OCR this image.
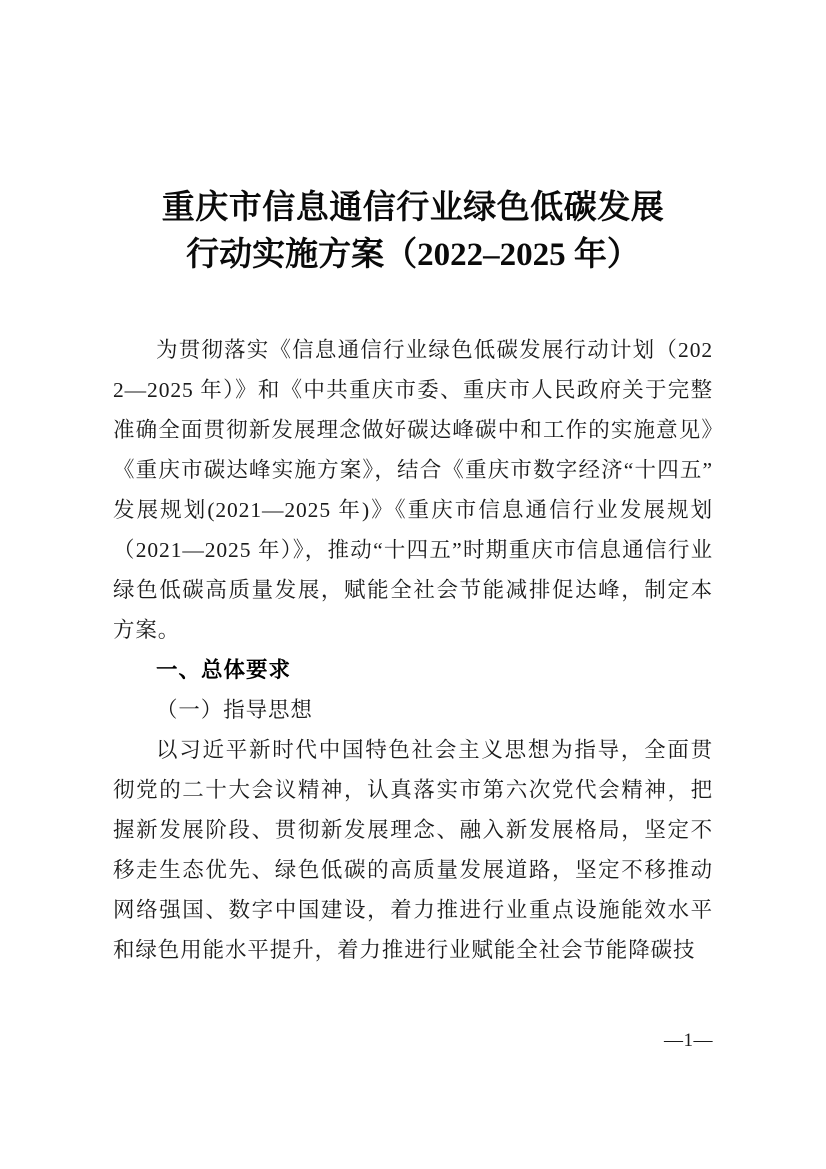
重庆市信息通信行业绿色低碳发展
行动实施方案（2022–2025 年）

为贯彻落实《信息通信行业绿色低碳发展行动计划（2022—2025 年）》和《中共重庆市委、重庆市人民政府关于完整准确全面贯彻新发展理念做好碳达峰碳中和工作的实施意见》《重庆市碳达峰实施方案》，结合《重庆市数字经济“十四五”发展规划(2021—2025 年)》《重庆市信息通信行业发展规划（2021—2025 年）》，推动“十四五”时期重庆市信息通信行业绿色低碳高质量发展，赋能全社会节能减排促达峰，制定本方案。

一、总体要求

（一）指导思想

以习近平新时代中国特色社会主义思想为指导，全面贯彻党的二十大会议精神，认真落实市第六次党代会精神，把握新发展阶段、贯彻新发展理念、融入新发展格局，坚定不移走生态优先、绿色低碳的高质量发展道路，坚定不移推动网络强国、数字中国建设，着力推进行业重点设施能效水平和绿色用能水平提升，着力推进行业赋能全社会节能降碳技

—1—
